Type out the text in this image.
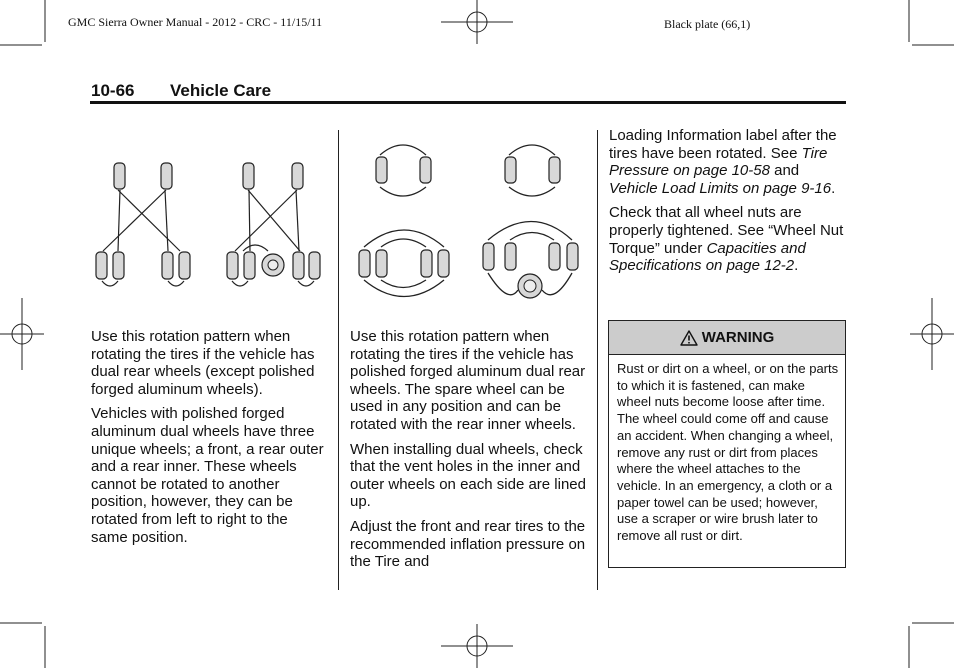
GMC Sierra Owner Manual - 2012 - CRC - 11/15/11	Black plate (66,1)
10-66 Vehicle Care

Use this rotation pattern when rotating the tires if the vehicle has dual rear wheels (except polished forged aluminum wheels).

Vehicles with polished forged aluminum dual wheels have three unique wheels; a front, a rear outer and a rear inner. These wheels cannot be rotated to another position, however, they can be rotated from left to right to the same position.

Use this rotation pattern when rotating the tires if the vehicle has polished forged aluminum dual rear wheels. The spare wheel can be used in any position and can be rotated with the rear inner wheels.

When installing dual wheels, check that the vent holes in the inner and outer wheels on each side are lined up.

Adjust the front and rear tires to the recommended inflation pressure on the Tire and

Loading Information label after the tires have been rotated. See Tire Pressure on page 10-58 and Vehicle Load Limits on page 9-16.

Check that all wheel nuts are properly tightened. See “Wheel Nut Torque” under Capacities and Specifications on page 12-2.

WARNING
Rust or dirt on a wheel, or on the parts to which it is fastened, can make wheel nuts become loose after time. The wheel could come off and cause an accident. When changing a wheel, remove any rust or dirt from places where the wheel attaches to the vehicle. In an emergency, a cloth or a paper towel can be used; however, use a scraper or wire brush later to remove all rust or dirt.
